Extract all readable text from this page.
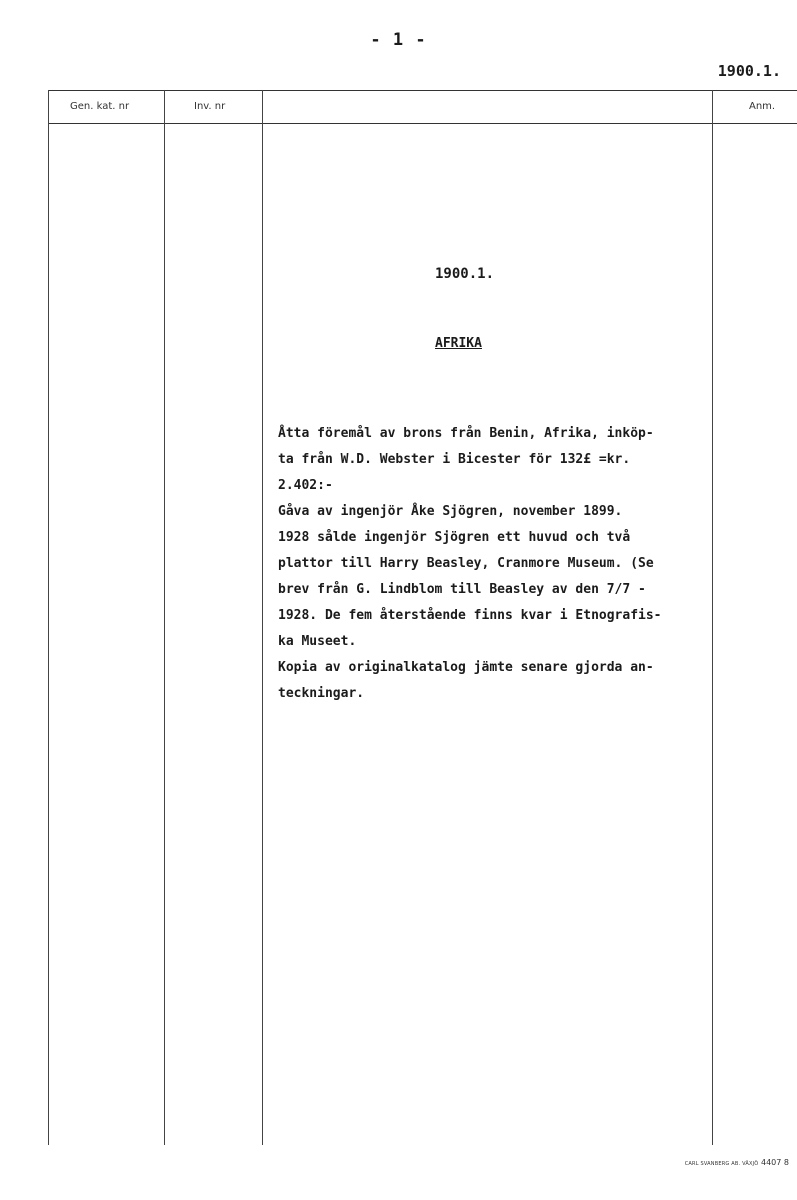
- 1 -
1900.1.
Gen. kat. nr	Inv. nr	Anm.
1900.1.
AFRIKA
Åtta föremål av brons från Benin, Afrika, inköp-
ta från W.D. Webster i Bicester för 132£ =kr.
2.402:-
Gåva av ingenjör Åke Sjögren, november 1899.
1928 sålde ingenjör Sjögren ett huvud och två
plattor till Harry Beasley, Cranmore Museum. (Se
brev från G. Lindblom till Beasley av den 7/7 -
1928. De fem återstående finns kvar i Etnografis-
ka Museet.
Kopia av originalkatalog jämte senare gjorda an-
teckningar.
CARL SVANBERG AB. VÄXJÖ 4407 8
